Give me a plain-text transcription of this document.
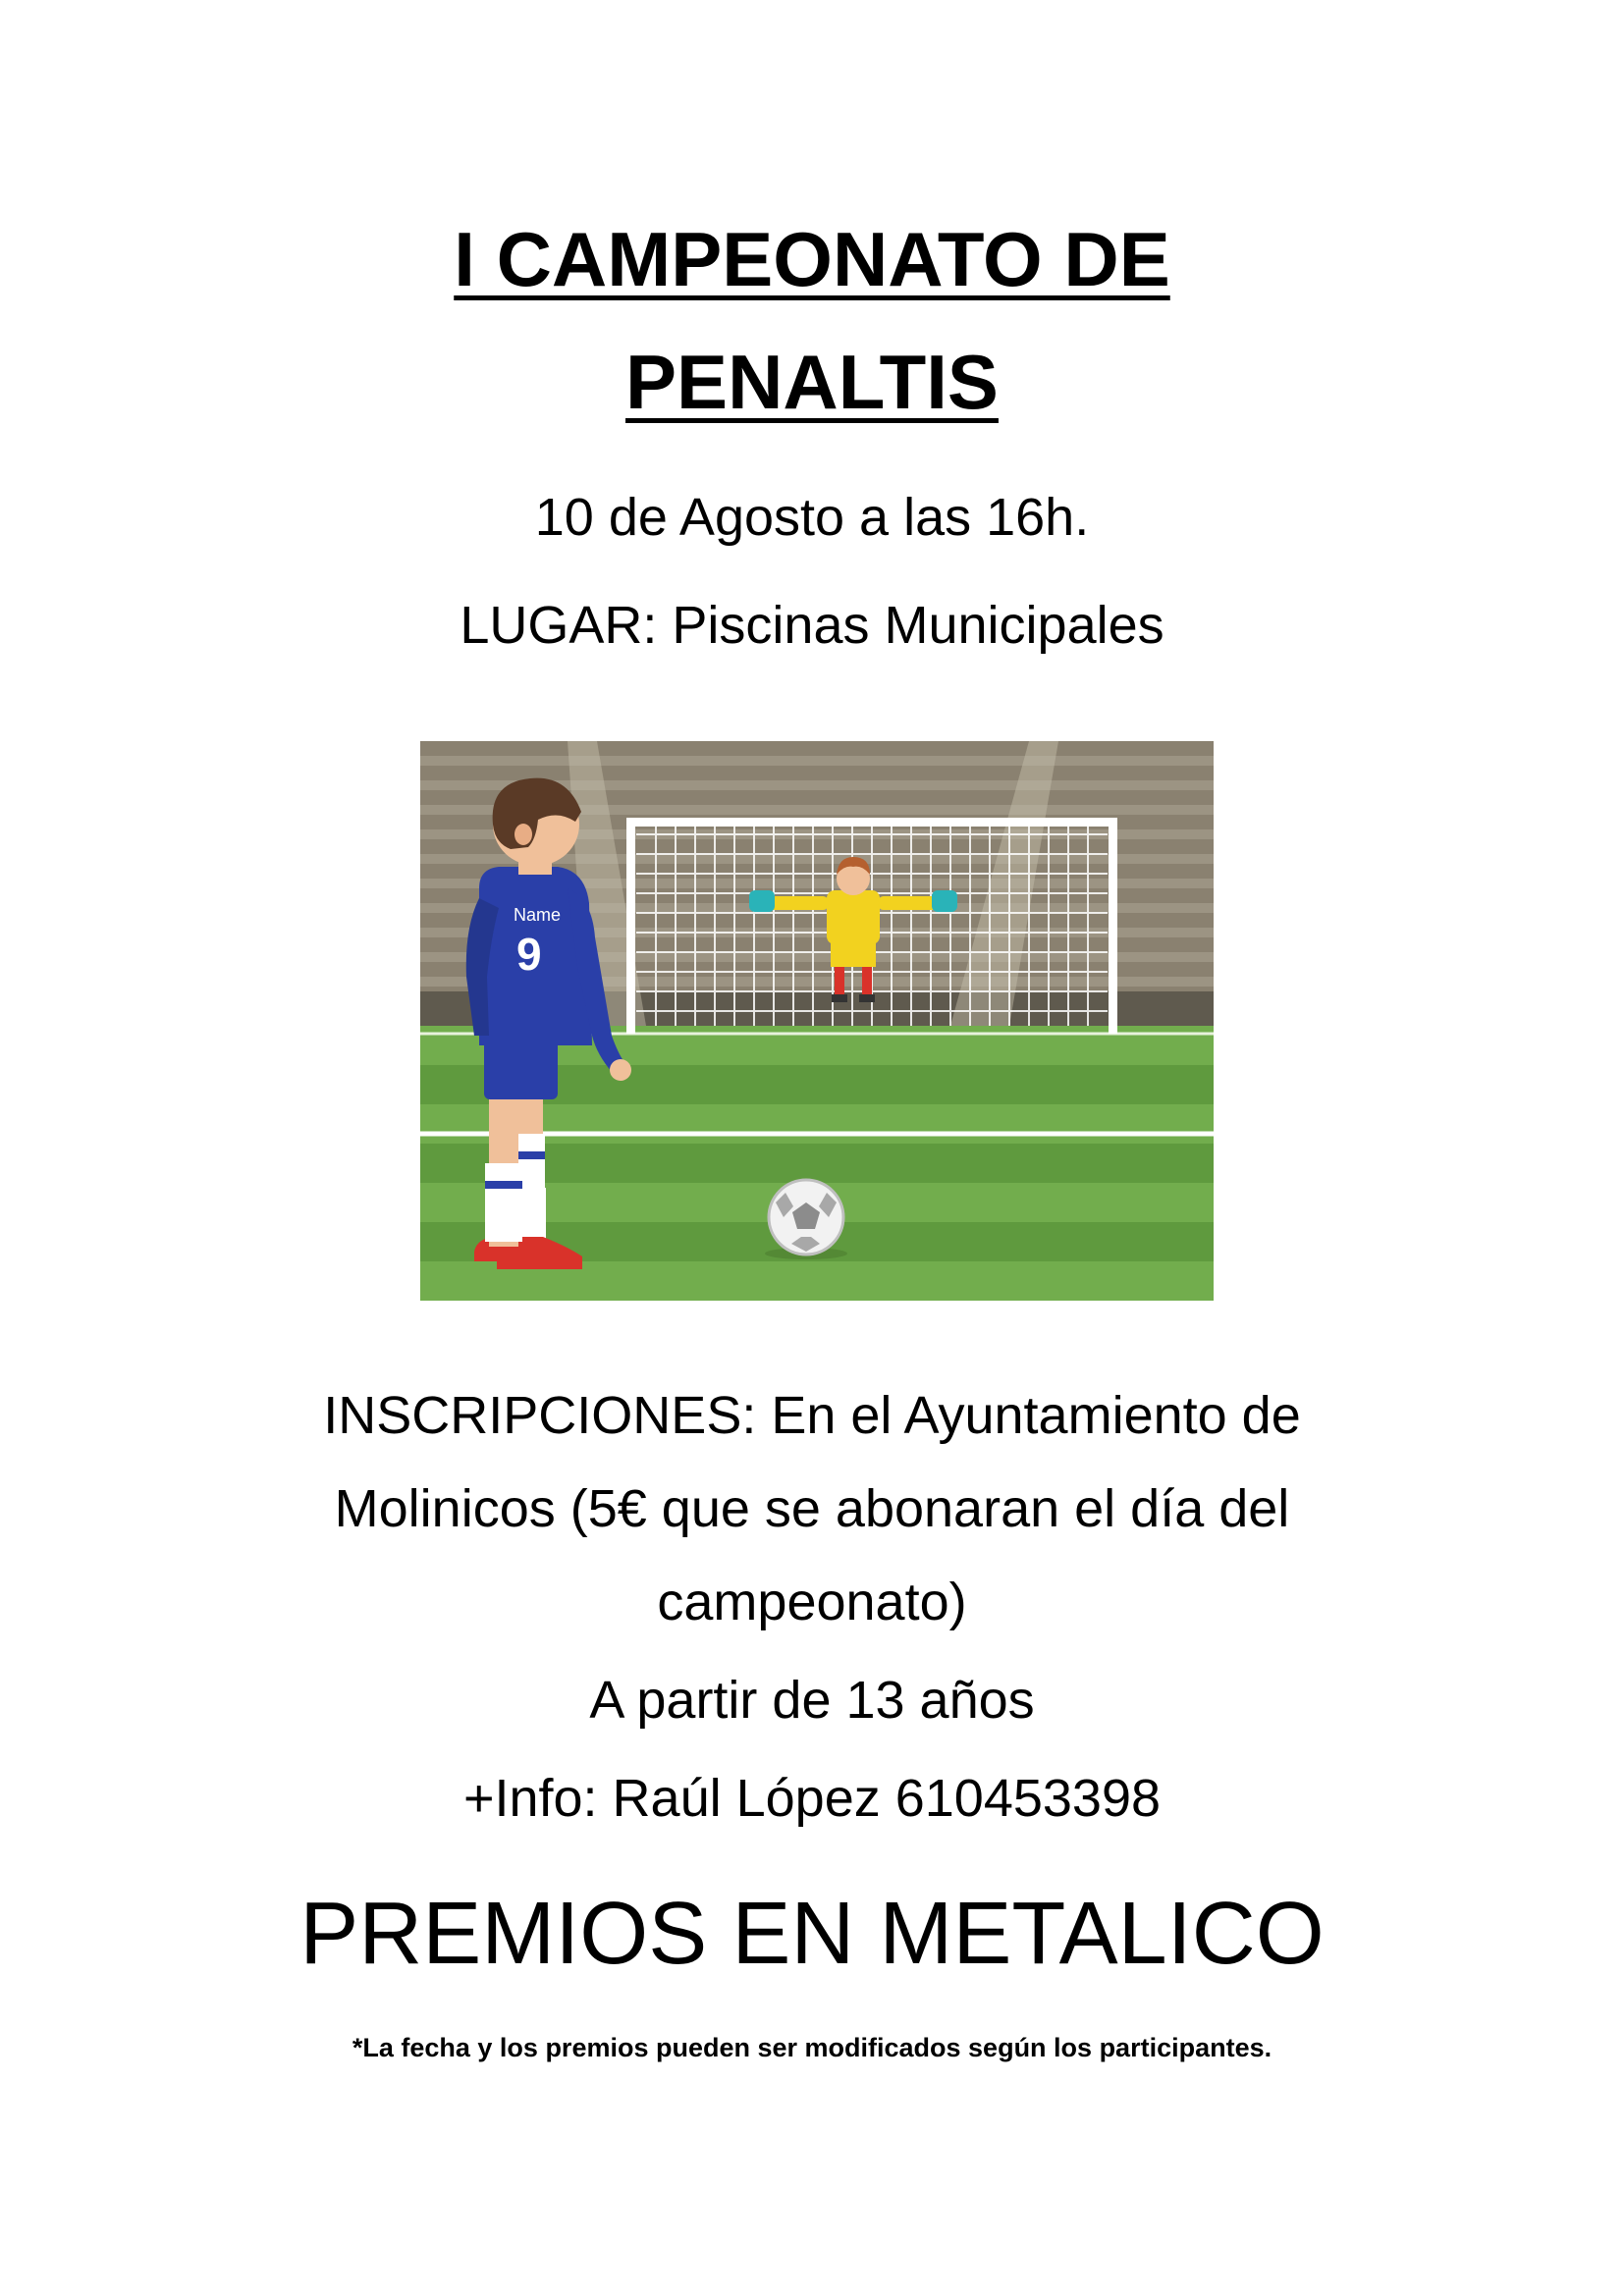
I CAMPEONATO DE
PENALTIS
10 de Agosto a las 16h.
LUGAR: Piscinas Municipales
Name
9
INSCRIPCIONES: En el Ayuntamiento de
Molinicos (5€ que se abonaran el día del
campeonato)
A partir de 13 años
+Info: Raúl López 610453398
PREMIOS EN METALICO
*La fecha y los premios pueden ser modificados según los participantes.
